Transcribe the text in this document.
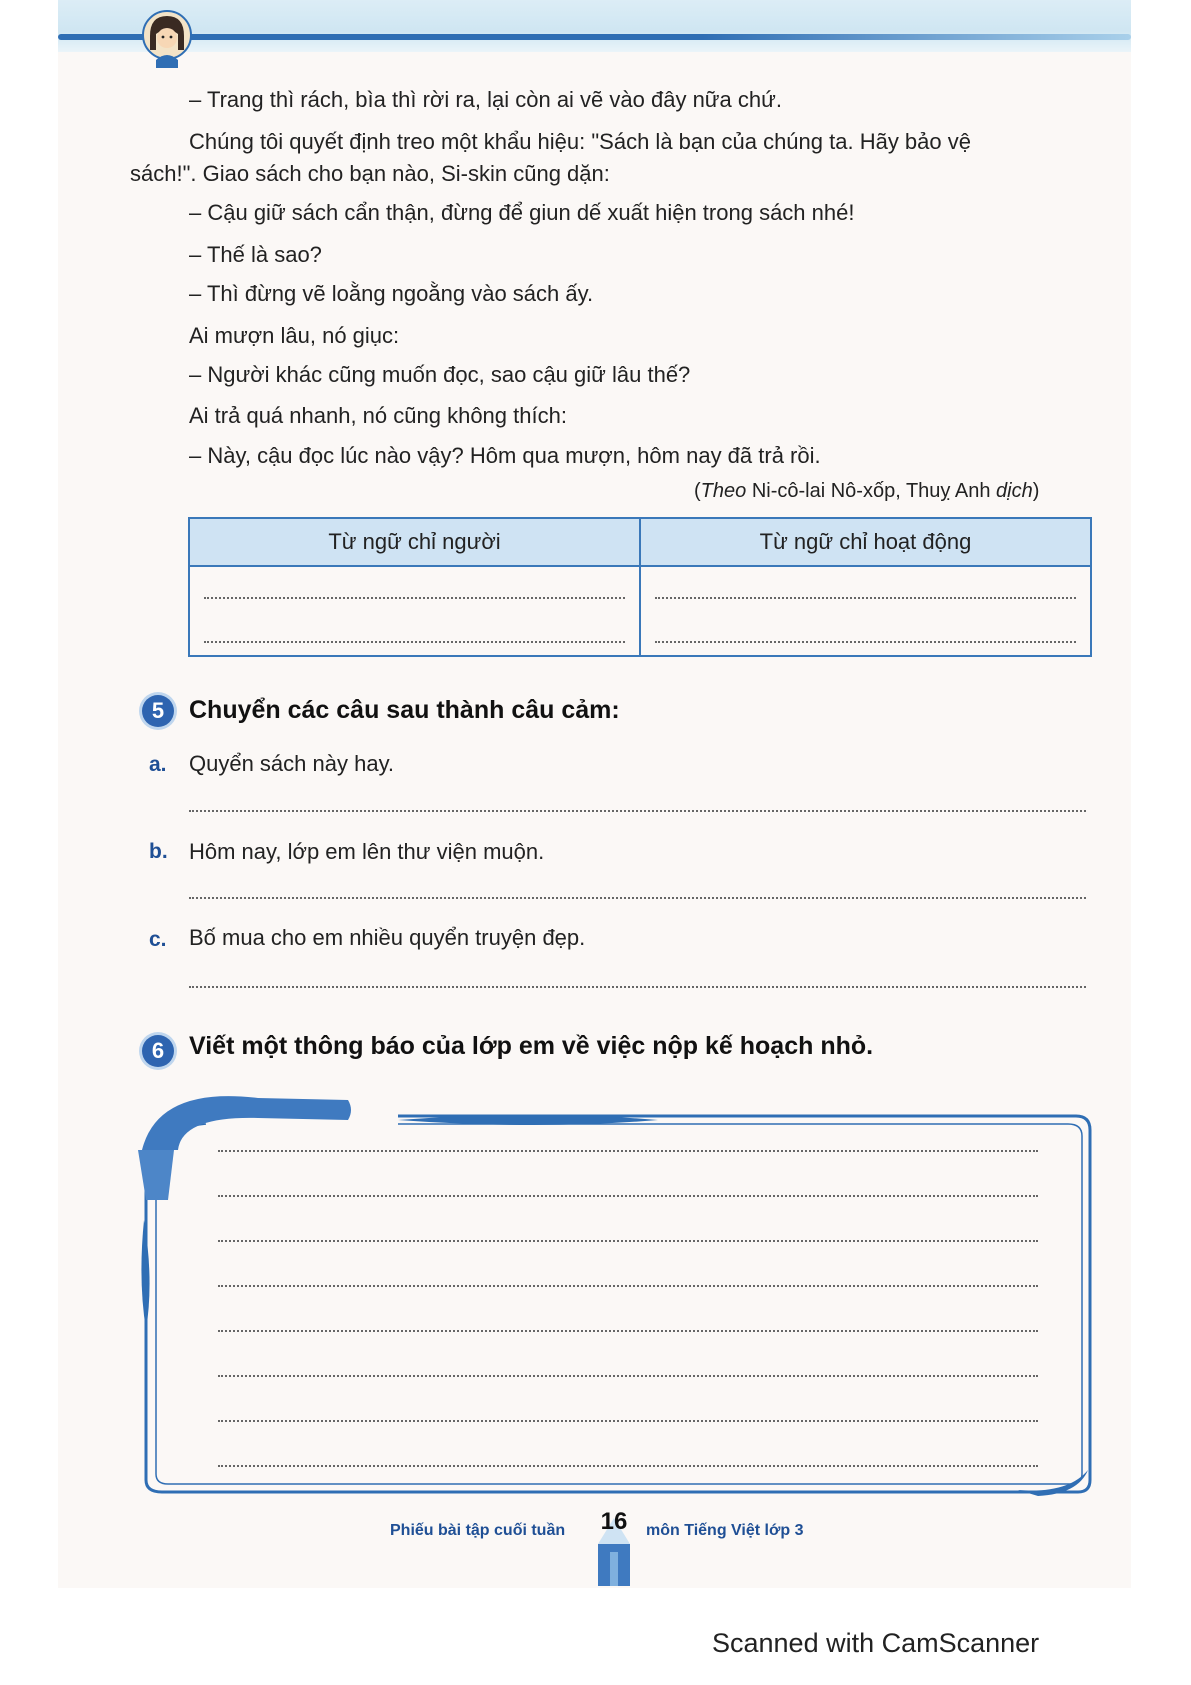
– Trang thì rách, bìa thì rời ra, lại còn ai vẽ vào đây nữa chứ.
Chúng tôi quyết định treo một khẩu hiệu: "Sách là bạn của chúng ta. Hãy bảo vệ
sách!". Giao sách cho bạn nào, Si-skin cũng dặn:
– Cậu giữ sách cẩn thận, đừng để giun dế xuất hiện trong sách nhé!
– Thế là sao?
– Thì đừng vẽ loằng ngoằng vào sách ấy.
Ai mượn lâu, nó giục:
– Người khác cũng muốn đọc, sao cậu giữ lâu thế?
Ai trả quá nhanh, nó cũng không thích:
– Này, cậu đọc lúc nào vậy? Hôm qua mượn, hôm nay đã trả rồi.
(Theo Ni-cô-lai Nô-xốp, Thuỵ Anh dịch)
Từ ngữ chỉ người	Từ ngữ chỉ hoạt động

5 Chuyển các câu sau thành câu cảm:
a. Quyển sách này hay.
b. Hôm nay, lớp em lên thư viện muộn.
c. Bố mua cho em nhiều quyển truyện đẹp.
6 Viết một thông báo của lớp em về việc nộp kế hoạch nhỏ.
Phiếu bài tập cuối tuần 16 môn Tiếng Việt lớp 3
Scanned with CamScanner
